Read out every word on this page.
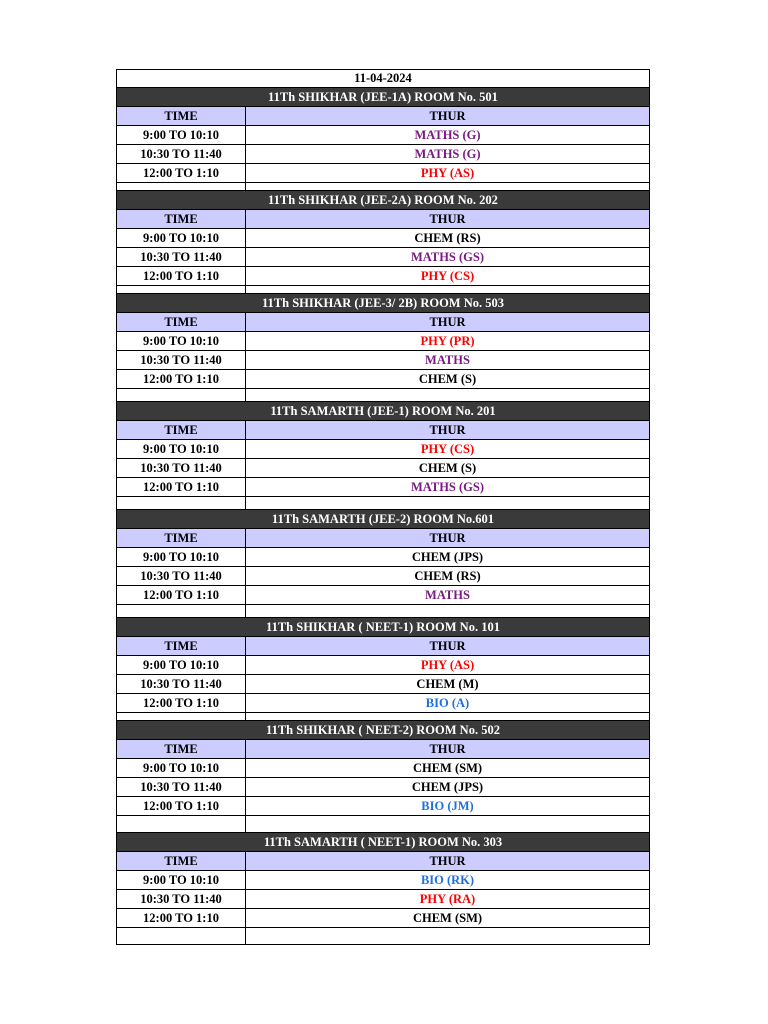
11-04-2024
11Th SHIKHAR (JEE-1A) ROOM No. 501
TIME	THUR
9:00 TO 10:10	MATHS (G)
10:30 TO 11:40	MATHS (G)
12:00 TO 1:10	PHY (AS)
11Th SHIKHAR (JEE-2A) ROOM No. 202
TIME	THUR
9:00 TO 10:10	CHEM (RS)
10:30 TO 11:40	MATHS (GS)
12:00 TO 1:10	PHY (CS)
11Th SHIKHAR (JEE-3/ 2B) ROOM No. 503
TIME	THUR
9:00 TO 10:10	PHY (PR)
10:30 TO 11:40	MATHS
12:00 TO 1:10	CHEM (S)
11Th SAMARTH (JEE-1) ROOM No. 201
TIME	THUR
9:00 TO 10:10	PHY (CS)
10:30 TO 11:40	CHEM (S)
12:00 TO 1:10	MATHS (GS)
11Th SAMARTH (JEE-2) ROOM No.601
TIME	THUR
9:00 TO 10:10	CHEM (JPS)
10:30 TO 11:40	CHEM (RS)
12:00 TO 1:10	MATHS
11Th SHIKHAR ( NEET-1) ROOM No. 101
TIME	THUR
9:00 TO 10:10	PHY (AS)
10:30 TO 11:40	CHEM (M)
12:00 TO 1:10	BIO (A)
11Th SHIKHAR ( NEET-2) ROOM No. 502
TIME	THUR
9:00 TO 10:10	CHEM (SM)
10:30 TO 11:40	CHEM (JPS)
12:00 TO 1:10	BIO (JM)
11Th SAMARTH ( NEET-1) ROOM No. 303
TIME	THUR
9:00 TO 10:10	BIO (RK)
10:30 TO 11:40	PHY (RA)
12:00 TO 1:10	CHEM (SM)
